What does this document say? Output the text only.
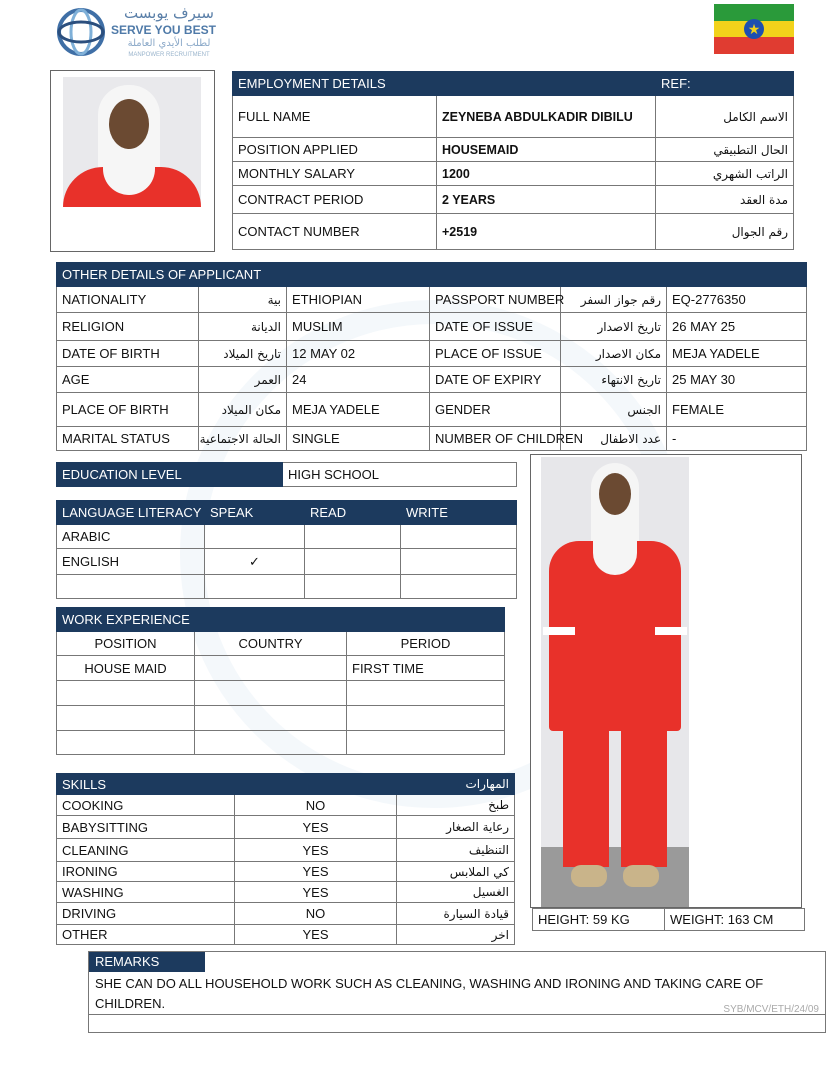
سيرف يوبست
SERVE YOU BEST
لطلب الأيدي العاملة
MANPOWER RECRUITMENT
★
EMPLOYMENT DETAILS		REF:
FULL NAME	ZEYNEBA ABDULKADIR DIBILU	الاسم الكامل
POSITION APPLIED	HOUSEMAID	الحال التطبيقي
MONTHLY SALARY	1200	الراتب الشهري
CONTRACT PERIOD	2 YEARS	مدة العقد
CONTACT NUMBER	+2519	رقم الجوال
OTHER DETAILS OF APPLICANT					
NATIONALITY	بية	ETHIOPIAN	PASSPORT NUMBER	رقم جواز السفر	EQ-2776350
RELIGION	الديانة	MUSLIM	DATE OF ISSUE	تاريخ الاصدار	26 MAY 25
DATE OF BIRTH	تاريخ الميلاد	12 MAY 02	PLACE OF ISSUE	مكان الاصدار	MEJA YADELE
AGE	العمر	24	DATE OF EXPIRY	تاريخ الانتهاء	25 MAY 30
PLACE OF BIRTH	مكان الميلاد	MEJA YADELE	GENDER	الجنس	FEMALE
MARITAL STATUS	الحالة الاجتماعية	SINGLE	NUMBER OF CHILDREN	عدد الاطفال	-
EDUCATION LEVEL	HIGH SCHOOL
LANGUAGE LITERACY	SPEAK	READ	WRITE
ARABIC			
ENGLISH	✓		

WORK EXPERIENCE		
POSITION	COUNTRY	PERIOD
HOUSE MAID		FIRST TIME

SKILLS		المهارات
COOKING	NO	طبخ
BABYSITTING	YES	رعاية الصغار
CLEANING	YES	التنظيف
IRONING	YES	كي الملابس
WASHING	YES	الغسيل
DRIVING	NO	قيادة السيارة
OTHER	YES	اخر
HEIGHT: 59 KG	WEIGHT: 163 CM
REMARKS
SHE CAN DO ALL HOUSEHOLD WORK SUCH AS CLEANING, WASHING AND IRONING AND TAKING CARE OF CHILDREN.	SYB/MCV/ETH/24/09
